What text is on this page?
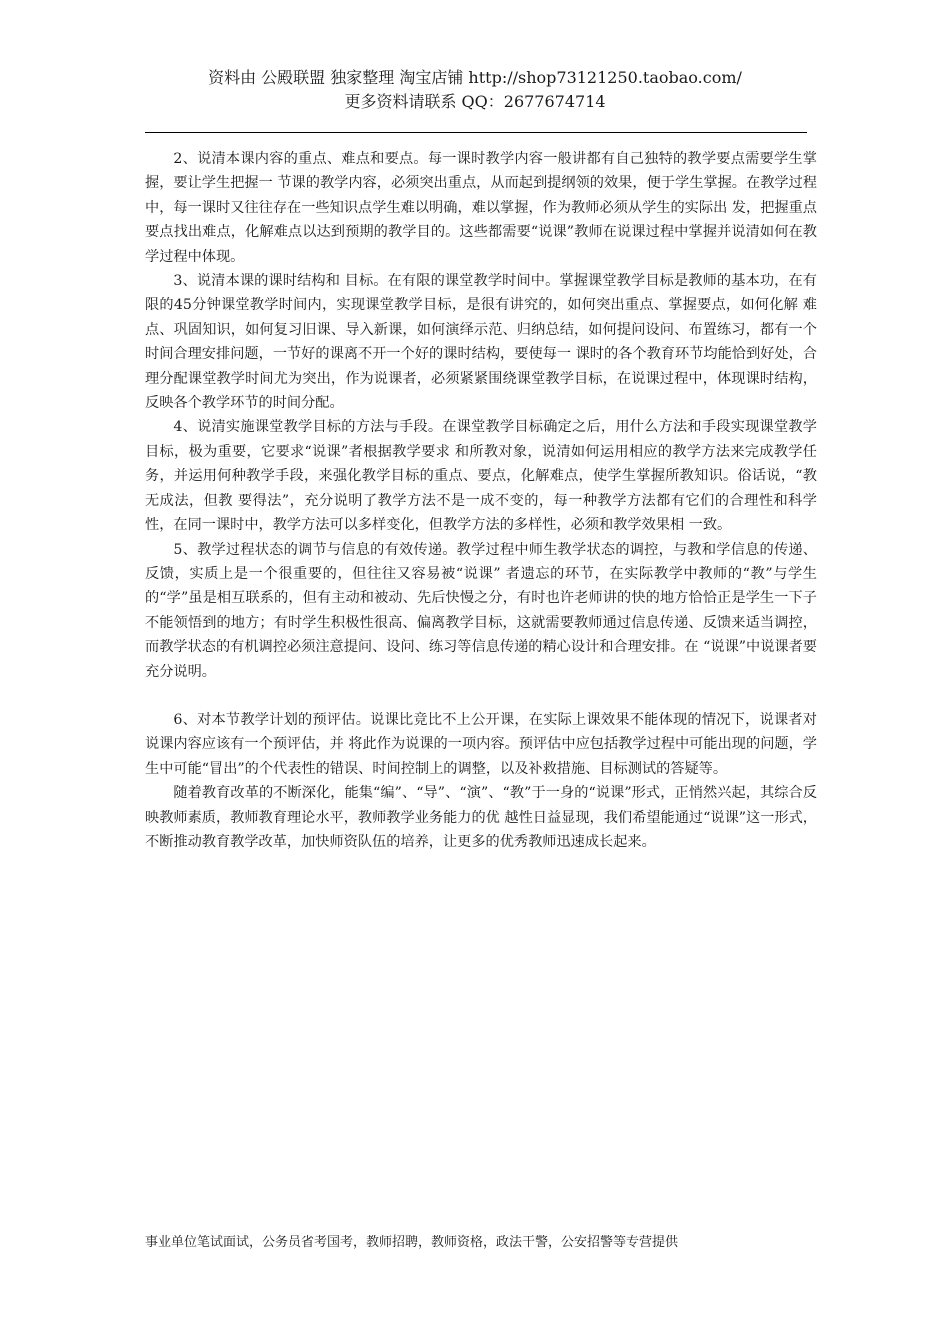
资料由 公殿联盟 独家整理 淘宝店铺 http://shop73121250.taobao.com/
更多资料请联系 QQ：2677674714

2、说清本课内容的重点、难点和要点。每一课时教学内容一般讲都有自己独特的教学要点需要学生掌握，要让学生把握一 节课的教学内容，必须突出重点，从而起到提纲领的效果，便于学生掌握。在教学过程中，每一课时又往往存在一些知识点学生难以明确，难以掌握，作为教师必须从学生的实际出 发，把握重点要点找出难点，化解难点以达到预期的教学目的。这些都需要“说课”教师在说课过程中掌握并说清如何在教学过程中体现。

3、说清本课的课时结构和 目标。在有限的课堂教学时间中。掌握课堂教学目标是教师的基本功，在有限的45分钟课堂教学时间内，实现课堂教学目标，是很有讲究的，如何突出重点、掌握要点，如何化解 难点、巩固知识，如何复习旧课、导入新课，如何演绎示范、归纳总结，如何提问设问、布置练习，都有一个时间合理安排问题，一节好的课离不开一个好的课时结构，要使每一 课时的各个教育环节均能恰到好处，合理分配课堂教学时间尤为突出，作为说课者，必须紧紧围绕课堂教学目标，在说课过程中，体现课时结构，反映各个教学环节的时间分配。

4、说清实施课堂教学目标的方法与手段。在课堂教学目标确定之后，用什么方法和手段实现课堂教学目标，极为重要，它要求“说课”者根据教学要求 和所教对象，说清如何运用相应的教学方法来完成教学任务，并运用何种教学手段，来强化教学目标的重点、要点，化解难点，使学生掌握所教知识。俗话说，“教无成法，但教 要得法”，充分说明了教学方法不是一成不变的，每一种教学方法都有它们的合理性和科学性，在同一课时中，教学方法可以多样变化，但教学方法的多样性，必须和教学效果相 一致。

5、教学过程状态的调节与信息的有效传递。教学过程中师生教学状态的调控，与教和学信息的传递、反馈，实质上是一个很重要的，但往往又容易被“说课” 者遗忘的环节，在实际教学中教师的“教”与学生的“学”虽是相互联系的，但有主动和被动、先后快慢之分，有时也许老师讲的快的地方恰恰正是学生一下子不能领悟到的地方；有时学生积极性很高、偏离教学目标，这就需要教师通过信息传递、反馈来适当调控，而教学状态的有机调控必须注意提问、设问、练习等信息传递的精心设计和合理安排。在 “说课”中说课者要充分说明。

6、对本节教学计划的预评估。说课比竞比不上公开课，在实际上课效果不能体现的情况下，说课者对说课内容应该有一个预评估，并 将此作为说课的一项内容。预评估中应包括教学过程中可能出现的问题，学生中可能“冒出”的个代表性的错误、时间控制上的调整，以及补救措施、目标测试的答疑等。

随着教育改革的不断深化，能集“编”、“导”、“演”、“教”于一身的“说课”形式，正悄然兴起，其综合反映教师素质，教师教育理论水平，教师教学业务能力的优 越性日益显现，我们希望能通过“说课”这一形式，不断推动教育教学改革，加快师资队伍的培养，让更多的优秀教师迅速成长起来。

事业单位笔试面试，公务员省考国考，教师招聘，教师资格，政法干警，公安招警等专营提供
